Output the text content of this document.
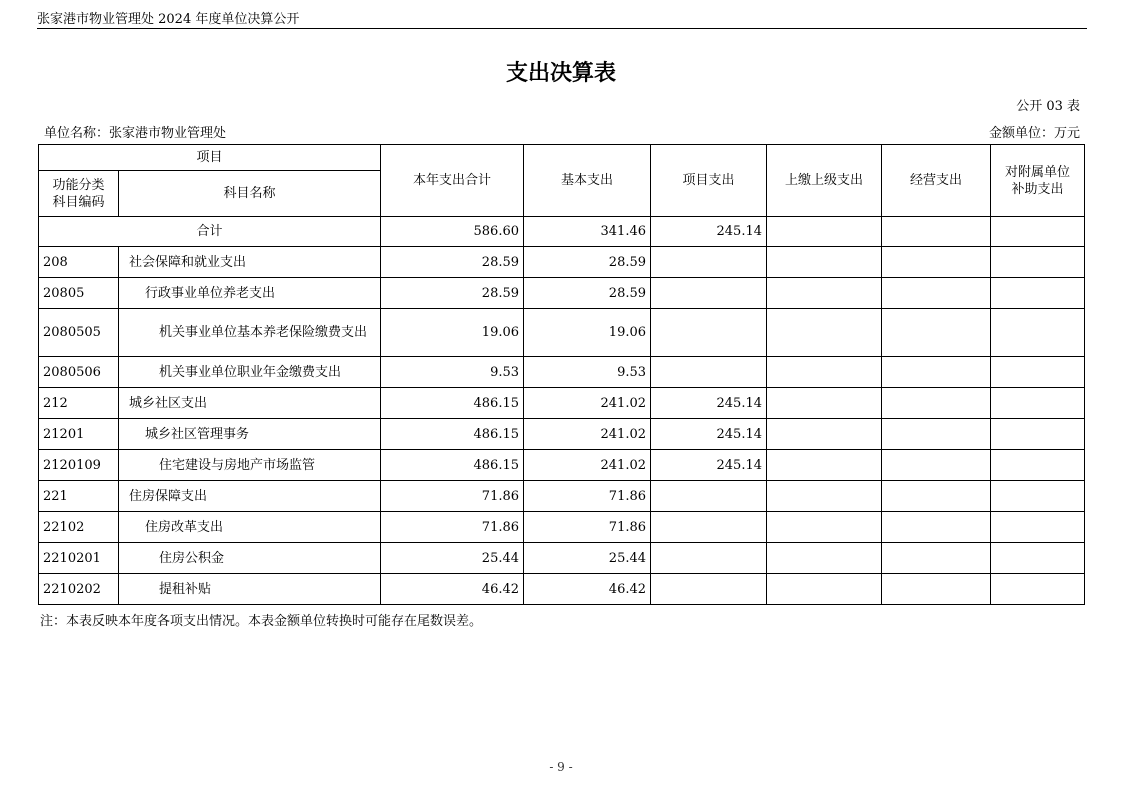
张家港市物业管理处 2024 年度单位决算公开
支出决算表
公开 03 表
单位名称：张家港市物业管理处	金额单位：万元
项目		本年支出合计	基本支出	项目支出	上缴上级支出	经营支出	对附属单位
补助支出
功能分类
科目编码	科目名称						
合计		586.60	341.46	245.14			
208	社会保障和就业支出	28.59	28.59				
20805	行政事业单位养老支出	28.59	28.59				
2080505	机关事业单位基本养老保险缴费支出	19.06	19.06				
2080506	机关事业单位职业年金缴费支出	9.53	9.53				
212	城乡社区支出	486.15	241.02	245.14			
21201	城乡社区管理事务	486.15	241.02	245.14			
2120109	住宅建设与房地产市场监管	486.15	241.02	245.14			
221	住房保障支出	71.86	71.86				
22102	住房改革支出	71.86	71.86				
2210201	住房公积金	25.44	25.44				
2210202	提租补贴	46.42	46.42				
注：本表反映本年度各项支出情况。本表金额单位转换时可能存在尾数误差。
- 9 -
